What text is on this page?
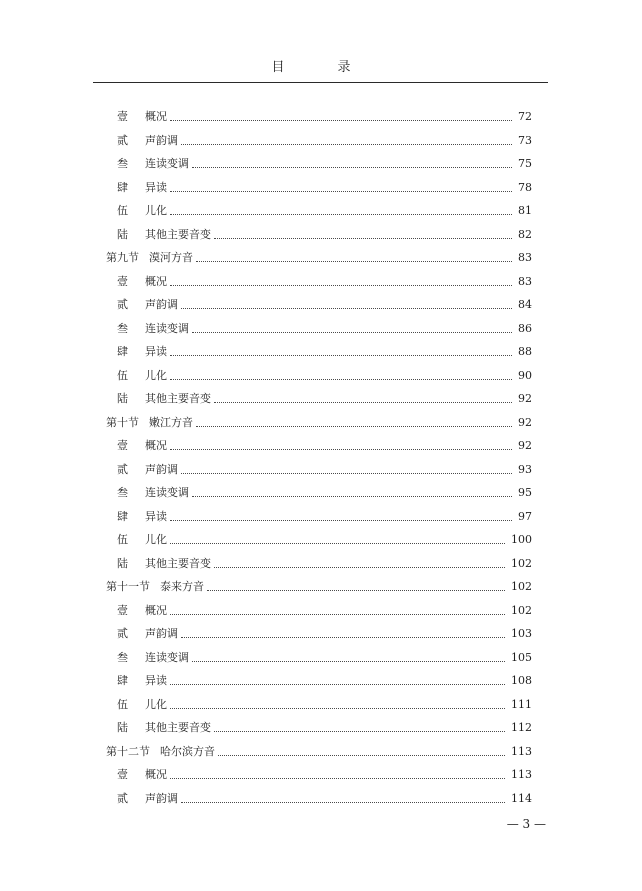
目　录
壹	概况	72
贰	声韵调	73
叁	连读变调	75
肆	异读	78
伍	儿化	81
陆	其他主要音变	82
第九节 漠河方音	83
壹	概况	83
贰	声韵调	84
叁	连读变调	86
肆	异读	88
伍	儿化	90
陆	其他主要音变	92
第十节 嫩江方音	92
壹	概况	92
贰	声韵调	93
叁	连读变调	95
肆	异读	97
伍	儿化	100
陆	其他主要音变	102
第十一节 泰来方音	102
壹	概况	102
贰	声韵调	103
叁	连读变调	105
肆	异读	108
伍	儿化	111
陆	其他主要音变	112
第十二节 哈尔滨方音	113
壹	概况	113
贰	声韵调	114
— 3 —
